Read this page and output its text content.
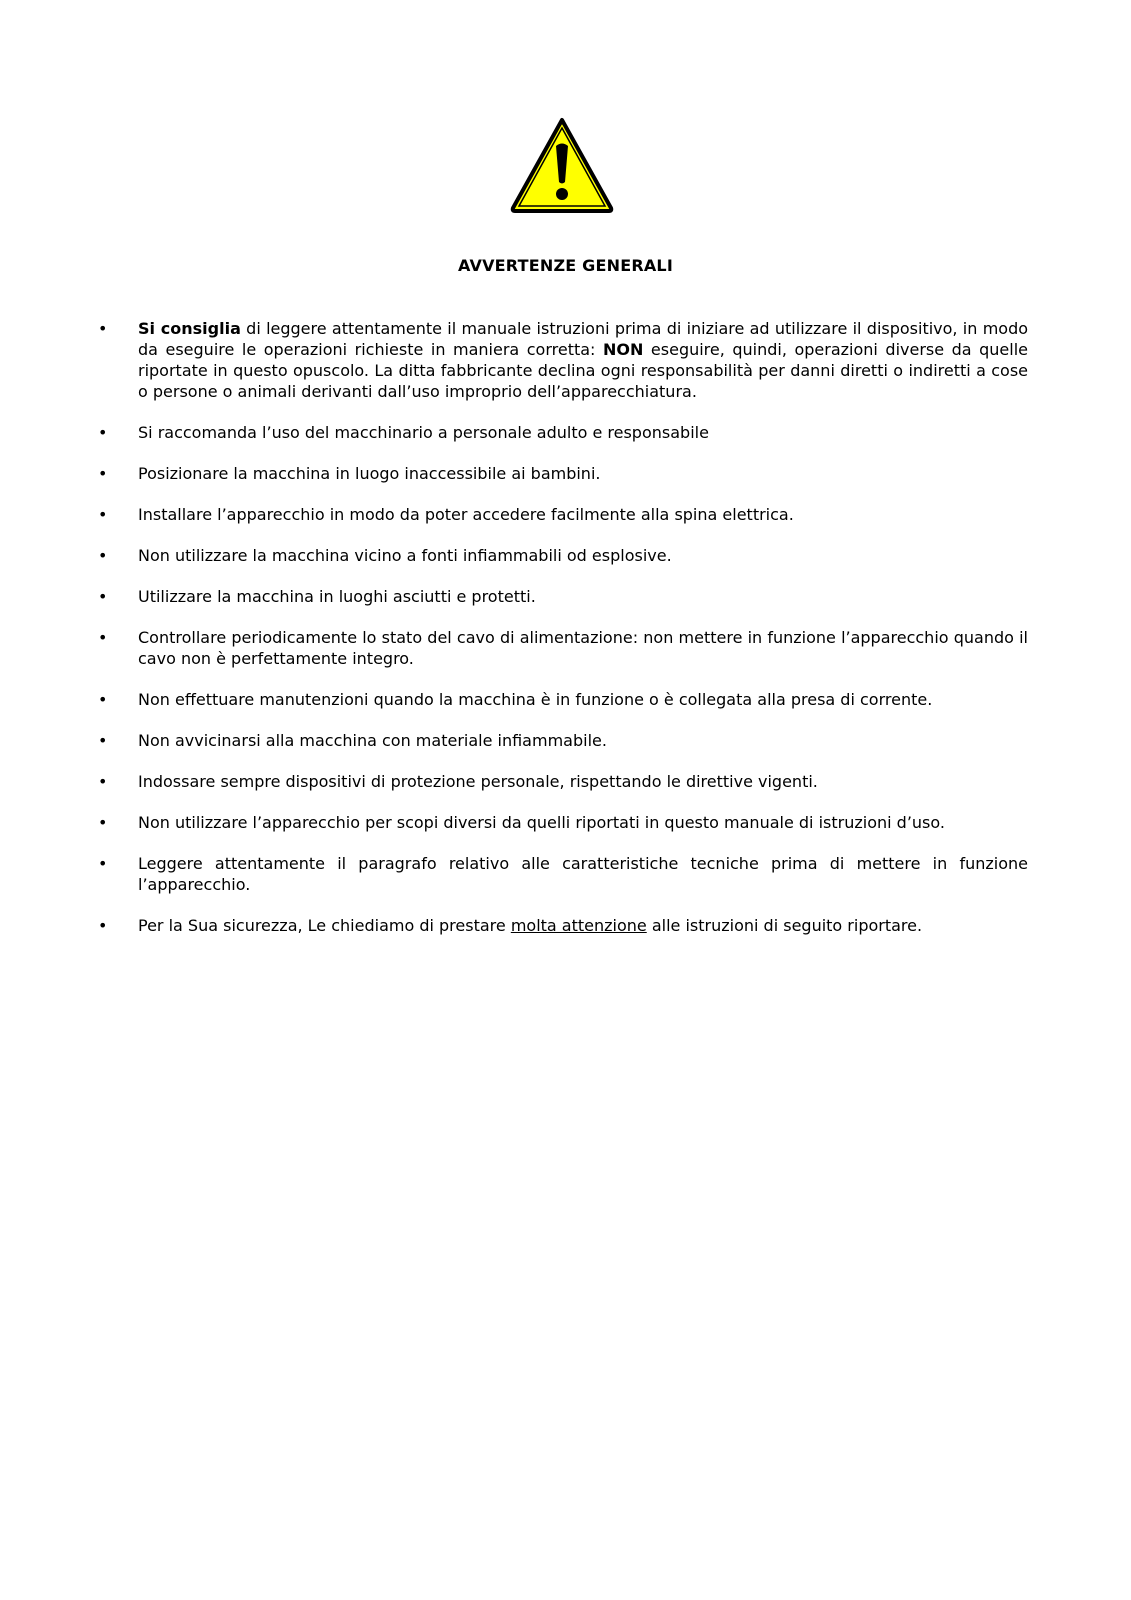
AVVERTENZE GENERALI
• Si consiglia di leggere attentamente il manuale istruzioni prima di iniziare ad utilizzare il dispositivo, in modo da eseguire le operazioni richieste in maniera corretta: NON eseguire, quindi, operazioni diverse da quelle riportate in questo opuscolo. La ditta fabbricante declina ogni responsabilità per danni diretti o indiretti a cose o persone o animali derivanti dall’uso improprio dell’apparecchiatura.
• Si raccomanda l’uso del macchinario a personale adulto e responsabile
• Posizionare la macchina in luogo inaccessibile ai bambini.
• Installare l’apparecchio in modo da poter accedere facilmente alla spina elettrica.
• Non utilizzare la macchina vicino a fonti infiammabili od esplosive.
• Utilizzare la macchina in luoghi asciutti e protetti.
• Controllare periodicamente lo stato del cavo di alimentazione: non mettere in funzione l’apparecchio quando il cavo non è perfettamente integro.
• Non effettuare manutenzioni quando la macchina è in funzione o è collegata alla presa di corrente.
• Non avvicinarsi alla macchina con materiale infiammabile.
• Indossare sempre dispositivi di protezione personale, rispettando le direttive vigenti.
• Non utilizzare l’apparecchio per scopi diversi da quelli riportati in questo manuale di istruzioni d’uso.
• Leggere attentamente il paragrafo relativo alle caratteristiche tecniche prima di mettere in funzione l’apparecchio.
• Per la Sua sicurezza, Le chiediamo di prestare molta attenzione alle istruzioni di seguito riportare.
